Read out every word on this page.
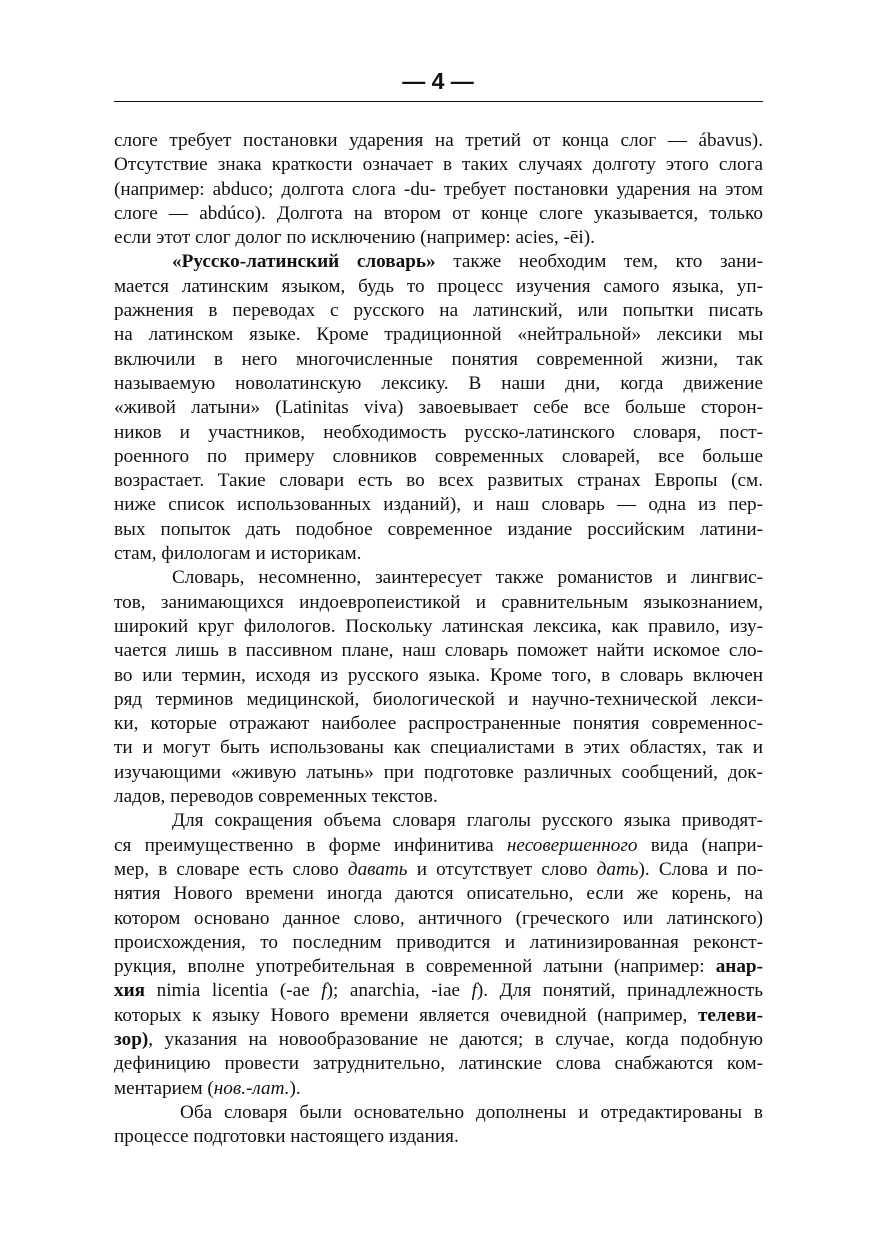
— 4 —
слоге требует постановки ударения на третий от конца слог — ábavus).
Отсутствие знака краткости означает в таких случаях долготу этого слога
(например: abduco; долгота слога -du- требует постановки ударения на этом
слоге — abdúco). Долгота на втором от конце слоге указывается, только
если этот слог долог по исключению (например: acies, -ēi).
«Русско-латинский словарь» также необходим тем, кто зани-
мается латинским языком, будь то процесс изучения самого языка, уп-
ражнения в переводах с русского на латинский, или попытки писать
на латинском языке. Кроме традиционной «нейтральной» лексики мы
включили в него многочисленные понятия современной жизни, так
называемую новолатинскую лексику. В наши дни, когда движение
«живой латыни» (Latinitas viva) завоевывает себе все больше сторон-
ников и участников, необходимость русско-латинского словаря, пост-
роенного по примеру словников современных словарей, все больше
возрастает. Такие словари есть во всех развитых странах Европы (см.
ниже список использованных изданий), и наш словарь — одна из пер-
вых попыток дать подобное современное издание российским латини-
стам, филологам и историкам.
Словарь, несомненно, заинтересует также романистов и лингвис-
тов, занимающихся индоевропеистикой и сравнительным языкознанием,
широкий круг филологов. Поскольку латинская лексика, как правило, изу-
чается лишь в пассивном плане, наш словарь поможет найти искомое сло-
во или термин, исходя из русского языка. Кроме того, в словарь включен
ряд терминов медицинской, биологической и научно-технической лекси-
ки, которые отражают наиболее распространенные понятия современнос-
ти и могут быть использованы как специалистами в этих областях, так и
изучающими «живую латынь» при подготовке различных сообщений, док-
ладов, переводов современных текстов.
Для сокращения объема словаря глаголы русского языка приводят-
ся преимущественно в форме инфинитива несовершенного вида (напри-
мер, в словаре есть слово давать и отсутствует слово дать). Слова и по-
нятия Нового времени иногда даются описательно, если же корень, на
котором основано данное слово, античного (греческого или латинского)
происхождения, то последним приводится и латинизированная реконст-
рукция, вполне употребительная в современной латыни (например: анар-
хия nimia licentia (-ae f); anarchia, -iae f). Для понятий, принадлежность
которых к языку Нового времени является очевидной (например, телеви-
зор), указания на новообразование не даются; в случае, когда подобную
дефиницию провести затруднительно, латинские слова снабжаются ком-
ментарием (нов.-лат.).
Оба словаря были основательно дополнены и отредактированы в
процессе подготовки настоящего издания.
